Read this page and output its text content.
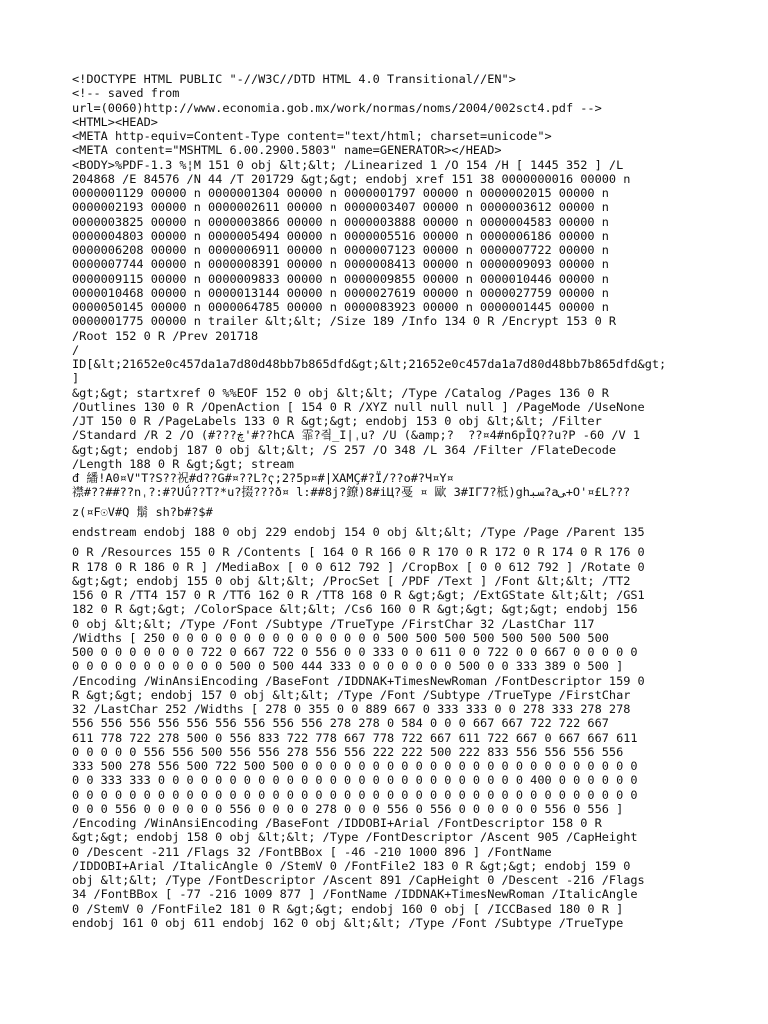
<!DOCTYPE HTML PUBLIC "-//W3C//DTD HTML 4.0 Transitional//EN">
<!-- saved from
url=(0060)http://www.economia.gob.mx/work/normas/noms/2004/002sct4.pdf -->
<HTML><HEAD>
<META http-equiv=Content-Type content="text/html; charset=unicode">
<META content="MSHTML 6.00.2900.5803" name=GENERATOR></HEAD>
<BODY>%PDF-1.3 %¦M 151 0 obj &lt;&lt; /Linearized 1 /O 154 /H [ 1445 352 ] /L
204868 /E 84576 /N 44 /T 201729 &gt;&gt; endobj xref 151 38 0000000016 00000 n
0000001129 00000 n 0000001304 00000 n 0000001797 00000 n 0000002015 00000 n
0000002193 00000 n 0000002611 00000 n 0000003407 00000 n 0000003612 00000 n
0000003825 00000 n 0000003866 00000 n 0000003888 00000 n 0000004583 00000 n
0000004803 00000 n 0000005494 00000 n 0000005516 00000 n 0000006186 00000 n
0000006208 00000 n 0000006911 00000 n 0000007123 00000 n 0000007722 00000 n
0000007744 00000 n 0000008391 00000 n 0000008413 00000 n 0000009093 00000 n
0000009115 00000 n 0000009833 00000 n 0000009855 00000 n 0000010446 00000 n
0000010468 00000 n 0000013144 00000 n 0000027619 00000 n 0000027759 00000 n
0000050145 00000 n 0000064785 00000 n 0000083923 00000 n 0000001445 00000 n
0000001775 00000 n trailer &lt;&lt; /Size 189 /Info 134 0 R /Encrypt 153 0 R
/Root 152 0 R /Prev 201718
/
ID[&lt;21652e0c457da1a7d80d48bb7b865dfd&gt;&lt;21652e0c457da1a7d80d48bb7b865dfd&gt;
]
&gt;&gt; startxref 0 %%EOF 152 0 obj &lt;&lt; /Type /Catalog /Pages 136 0 R
/Outlines 130 0 R /OpenAction [ 154 0 R /XYZ null null null ] /PageMode /UseNone
/JT 150 0 R /PageLabels 133 0 R &gt;&gt; endobj 153 0 obj &lt;&lt; /Filter
/Standard /R 2 /O (#???ڿ'#??hCA 霏?즼_I|ˌu? /U (&amp;?  ??¤4#n6pĪQ??u?P -60 /V 1
&gt;&gt; endobj 187 0 obj &lt;&lt; /S 257 /O 348 /L 364 /Filter /FlateDecode
/Length 188 0 R &gt;&gt; stream
đ 繙!A0¤V"T?S??祝#d??G#¤??L?ҁ;2?5p¤#|XAMÇ#?Ï/??o#?Ч¤Y¤
襟#??##??nˌ?:#?Uǘ??T?*u?掇???ð¤ l:##8j?鐐)8#iЦ?戞 ¤ 歐 3#IΓ7?柢)ghﺴﺒ?aﻰ+O'¤£L???
z(¤F☉V#Q 鬅 sh?b#?$#
endstream endobj 188 0 obj 229 endobj 154 0 obj &lt;&lt; /Type /Page /Parent 135
0 R /Resources 155 0 R /Contents [ 164 0 R 166 0 R 170 0 R 172 0 R 174 0 R 176 0
R 178 0 R 186 0 R ] /MediaBox [ 0 0 612 792 ] /CropBox [ 0 0 612 792 ] /Rotate 0
&gt;&gt; endobj 155 0 obj &lt;&lt; /ProcSet [ /PDF /Text ] /Font &lt;&lt; /TT2
156 0 R /TT4 157 0 R /TT6 162 0 R /TT8 168 0 R &gt;&gt; /ExtGState &lt;&lt; /GS1
182 0 R &gt;&gt; /ColorSpace &lt;&lt; /Cs6 160 0 R &gt;&gt; &gt;&gt; endobj 156
0 obj &lt;&lt; /Type /Font /Subtype /TrueType /FirstChar 32 /LastChar 117
/Widths [ 250 0 0 0 0 0 0 0 0 0 0 0 0 0 0 0 500 500 500 500 500 500 500 500
500 0 0 0 0 0 0 0 722 0 667 722 0 556 0 0 333 0 0 611 0 0 722 0 0 667 0 0 0 0 0
0 0 0 0 0 0 0 0 0 0 0 500 0 500 444 333 0 0 0 0 0 0 0 500 0 0 333 389 0 500 ]
/Encoding /WinAnsiEncoding /BaseFont /IDDNAK+TimesNewRoman /FontDescriptor 159 0
R &gt;&gt; endobj 157 0 obj &lt;&lt; /Type /Font /Subtype /TrueType /FirstChar
32 /LastChar 252 /Widths [ 278 0 355 0 0 889 667 0 333 333 0 0 278 333 278 278
556 556 556 556 556 556 556 556 556 278 278 0 584 0 0 0 667 667 722 722 667
611 778 722 278 500 0 556 833 722 778 667 778 722 667 611 722 667 0 667 667 611
0 0 0 0 0 556 556 500 556 556 278 556 556 222 222 500 222 833 556 556 556 556
333 500 278 556 500 722 500 500 0 0 0 0 0 0 0 0 0 0 0 0 0 0 0 0 0 0 0 0 0 0 0 0
0 0 333 333 0 0 0 0 0 0 0 0 0 0 0 0 0 0 0 0 0 0 0 0 0 0 0 0 0 0 400 0 0 0 0 0 0
0 0 0 0 0 0 0 0 0 0 0 0 0 0 0 0 0 0 0 0 0 0 0 0 0 0 0 0 0 0 0 0 0 0 0 0 0 0 0 0
0 0 0 556 0 0 0 0 0 0 556 0 0 0 0 278 0 0 0 556 0 556 0 0 0 0 0 0 556 0 556 ]
/Encoding /WinAnsiEncoding /BaseFont /IDDOBI+Arial /FontDescriptor 158 0 R
&gt;&gt; endobj 158 0 obj &lt;&lt; /Type /FontDescriptor /Ascent 905 /CapHeight
0 /Descent -211 /Flags 32 /FontBBox [ -46 -210 1000 896 ] /FontName
/IDDOBI+Arial /ItalicAngle 0 /StemV 0 /FontFile2 183 0 R &gt;&gt; endobj 159 0
obj &lt;&lt; /Type /FontDescriptor /Ascent 891 /CapHeight 0 /Descent -216 /Flags
34 /FontBBox [ -77 -216 1009 877 ] /FontName /IDDNAK+TimesNewRoman /ItalicAngle
0 /StemV 0 /FontFile2 181 0 R &gt;&gt; endobj 160 0 obj [ /ICCBased 180 0 R ]
endobj 161 0 obj 611 endobj 162 0 obj &lt;&lt; /Type /Font /Subtype /TrueType
